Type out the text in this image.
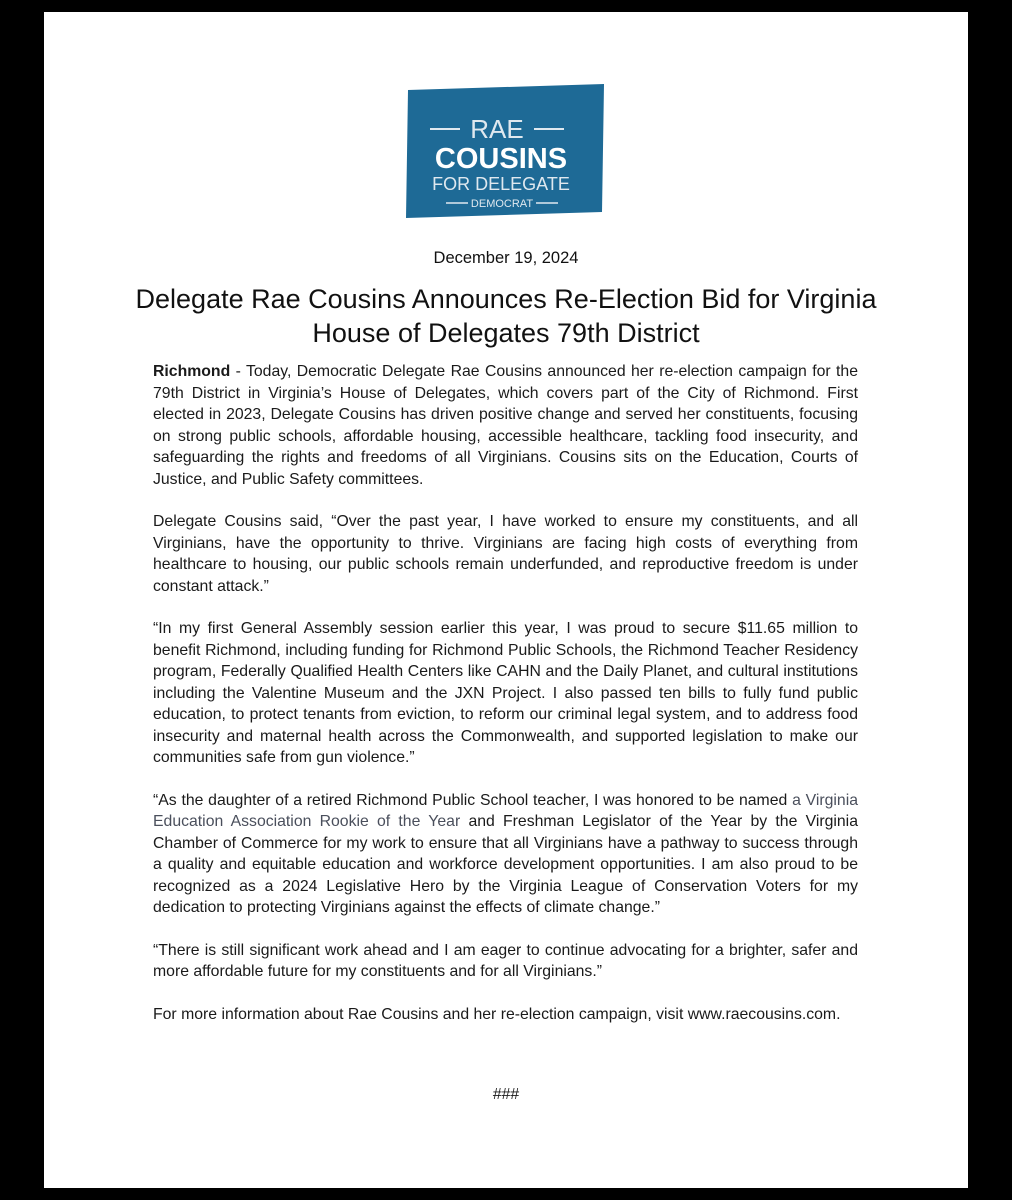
RAE
COUSINS
FOR DELEGATE
DEMOCRAT
December 19, 2024
Delegate Rae Cousins Announces Re-Election Bid for Virginia House of Delegates 79th District

Richmond - Today, Democratic Delegate Rae Cousins announced her re-election campaign for the 79th District in Virginia’s House of Delegates, which covers part of the City of Richmond. First elected in 2023, Delegate Cousins has driven positive change and served her constituents, focusing on strong public schools, affordable housing, accessible healthcare, tackling food insecurity, and safeguarding the rights and freedoms of all Virginians. Cousins sits on the Education, Courts of Justice, and Public Safety committees.

Delegate Cousins said, “Over the past year, I have worked to ensure my constituents, and all Virginians, have the opportunity to thrive. Virginians are facing high costs of everything from healthcare to housing, our public schools remain underfunded, and reproductive freedom is under constant attack.”

“In my first General Assembly session earlier this year, I was proud to secure $11.65 million to benefit Richmond, including funding for Richmond Public Schools, the Richmond Teacher Residency program, Federally Qualified Health Centers like CAHN and the Daily Planet, and cultural institutions including the Valentine Museum and the JXN Project. I also passed ten bills to fully fund public education, to protect tenants from eviction, to reform our criminal legal system, and to address food insecurity and maternal health across the Commonwealth, and supported legislation to make our communities safe from gun violence.”

“As the daughter of a retired Richmond Public School teacher, I was honored to be named a Virginia Education Association Rookie of the Year and Freshman Legislator of the Year by the Virginia Chamber of Commerce for my work to ensure that all Virginians have a pathway to success through a quality and equitable education and workforce development opportunities. I am also proud to be recognized as a 2024 Legislative Hero by the Virginia League of Conservation Voters for my dedication to protecting Virginians against the effects of climate change.”

“There is still significant work ahead and I am eager to continue advocating for a brighter, safer and more affordable future for my constituents and for all Virginians.”

For more information about Rae Cousins and her re-election campaign, visit www.raecousins.com.

###
